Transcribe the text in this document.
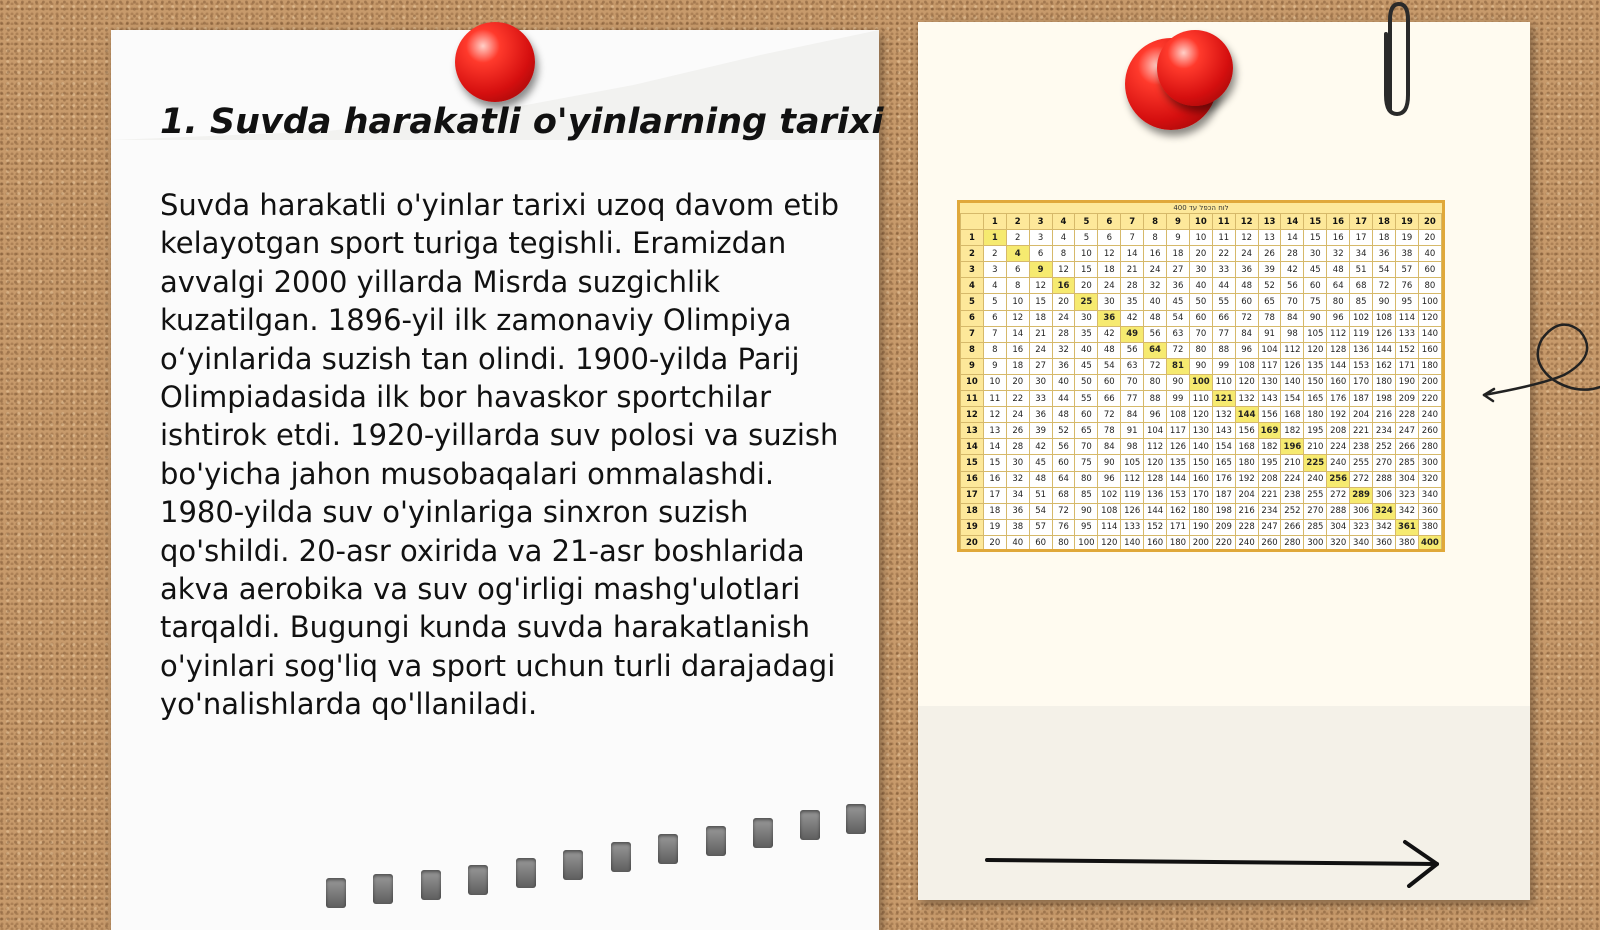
1. Suvda harakatli o'yinlarning tarixi

Suvda harakatli o'yinlar tarixi uzoq davom etib kelayotgan sport turiga tegishli. Eramizdan avvalgi 2000 yillarda Misrda suzgichlik kuzatilgan. 1896-yil ilk zamonaviy Olimpiya o‘yinlarida suzish tan olindi. 1900-yilda Parij Olimpiadasida ilk bor havaskor sportchilar ishtirok etdi. 1920-yillarda suv polosi va suzish bo'yicha jahon musobaqalari ommalashdi. 1980-yilda suv o'yinlariga sinxron suzish qo'shildi. 20-asr oxirida va 21-asr boshlarida akva aerobika va suv og'irligi mashg'ulotlari tarqaldi. Bugungi kunda suvda harakatlanish o'yinlari sog'liq va sport uchun turli darajadagi yo'nalishlarda qo'llaniladi.

לוח הכפל עד 400
	1	2	3	4	5	6	7	8	9	10	11	12	13	14	15	16	17	18	19	20
1	1	2	3	4	5	6	7	8	9	10	11	12	13	14	15	16	17	18	19	20
2	2	4	6	8	10	12	14	16	18	20	22	24	26	28	30	32	34	36	38	40
3	3	6	9	12	15	18	21	24	27	30	33	36	39	42	45	48	51	54	57	60
4	4	8	12	16	20	24	28	32	36	40	44	48	52	56	60	64	68	72	76	80
5	5	10	15	20	25	30	35	40	45	50	55	60	65	70	75	80	85	90	95	100
6	6	12	18	24	30	36	42	48	54	60	66	72	78	84	90	96	102	108	114	120
7	7	14	21	28	35	42	49	56	63	70	77	84	91	98	105	112	119	126	133	140
8	8	16	24	32	40	48	56	64	72	80	88	96	104	112	120	128	136	144	152	160
9	9	18	27	36	45	54	63	72	81	90	99	108	117	126	135	144	153	162	171	180
10	10	20	30	40	50	60	70	80	90	100	110	120	130	140	150	160	170	180	190	200
11	11	22	33	44	55	66	77	88	99	110	121	132	143	154	165	176	187	198	209	220
12	12	24	36	48	60	72	84	96	108	120	132	144	156	168	180	192	204	216	228	240
13	13	26	39	52	65	78	91	104	117	130	143	156	169	182	195	208	221	234	247	260
14	14	28	42	56	70	84	98	112	126	140	154	168	182	196	210	224	238	252	266	280
15	15	30	45	60	75	90	105	120	135	150	165	180	195	210	225	240	255	270	285	300
16	16	32	48	64	80	96	112	128	144	160	176	192	208	224	240	256	272	288	304	320
17	17	34	51	68	85	102	119	136	153	170	187	204	221	238	255	272	289	306	323	340
18	18	36	54	72	90	108	126	144	162	180	198	216	234	252	270	288	306	324	342	360
19	19	38	57	76	95	114	133	152	171	190	209	228	247	266	285	304	323	342	361	380
20	20	40	60	80	100	120	140	160	180	200	220	240	260	280	300	320	340	360	380	400
